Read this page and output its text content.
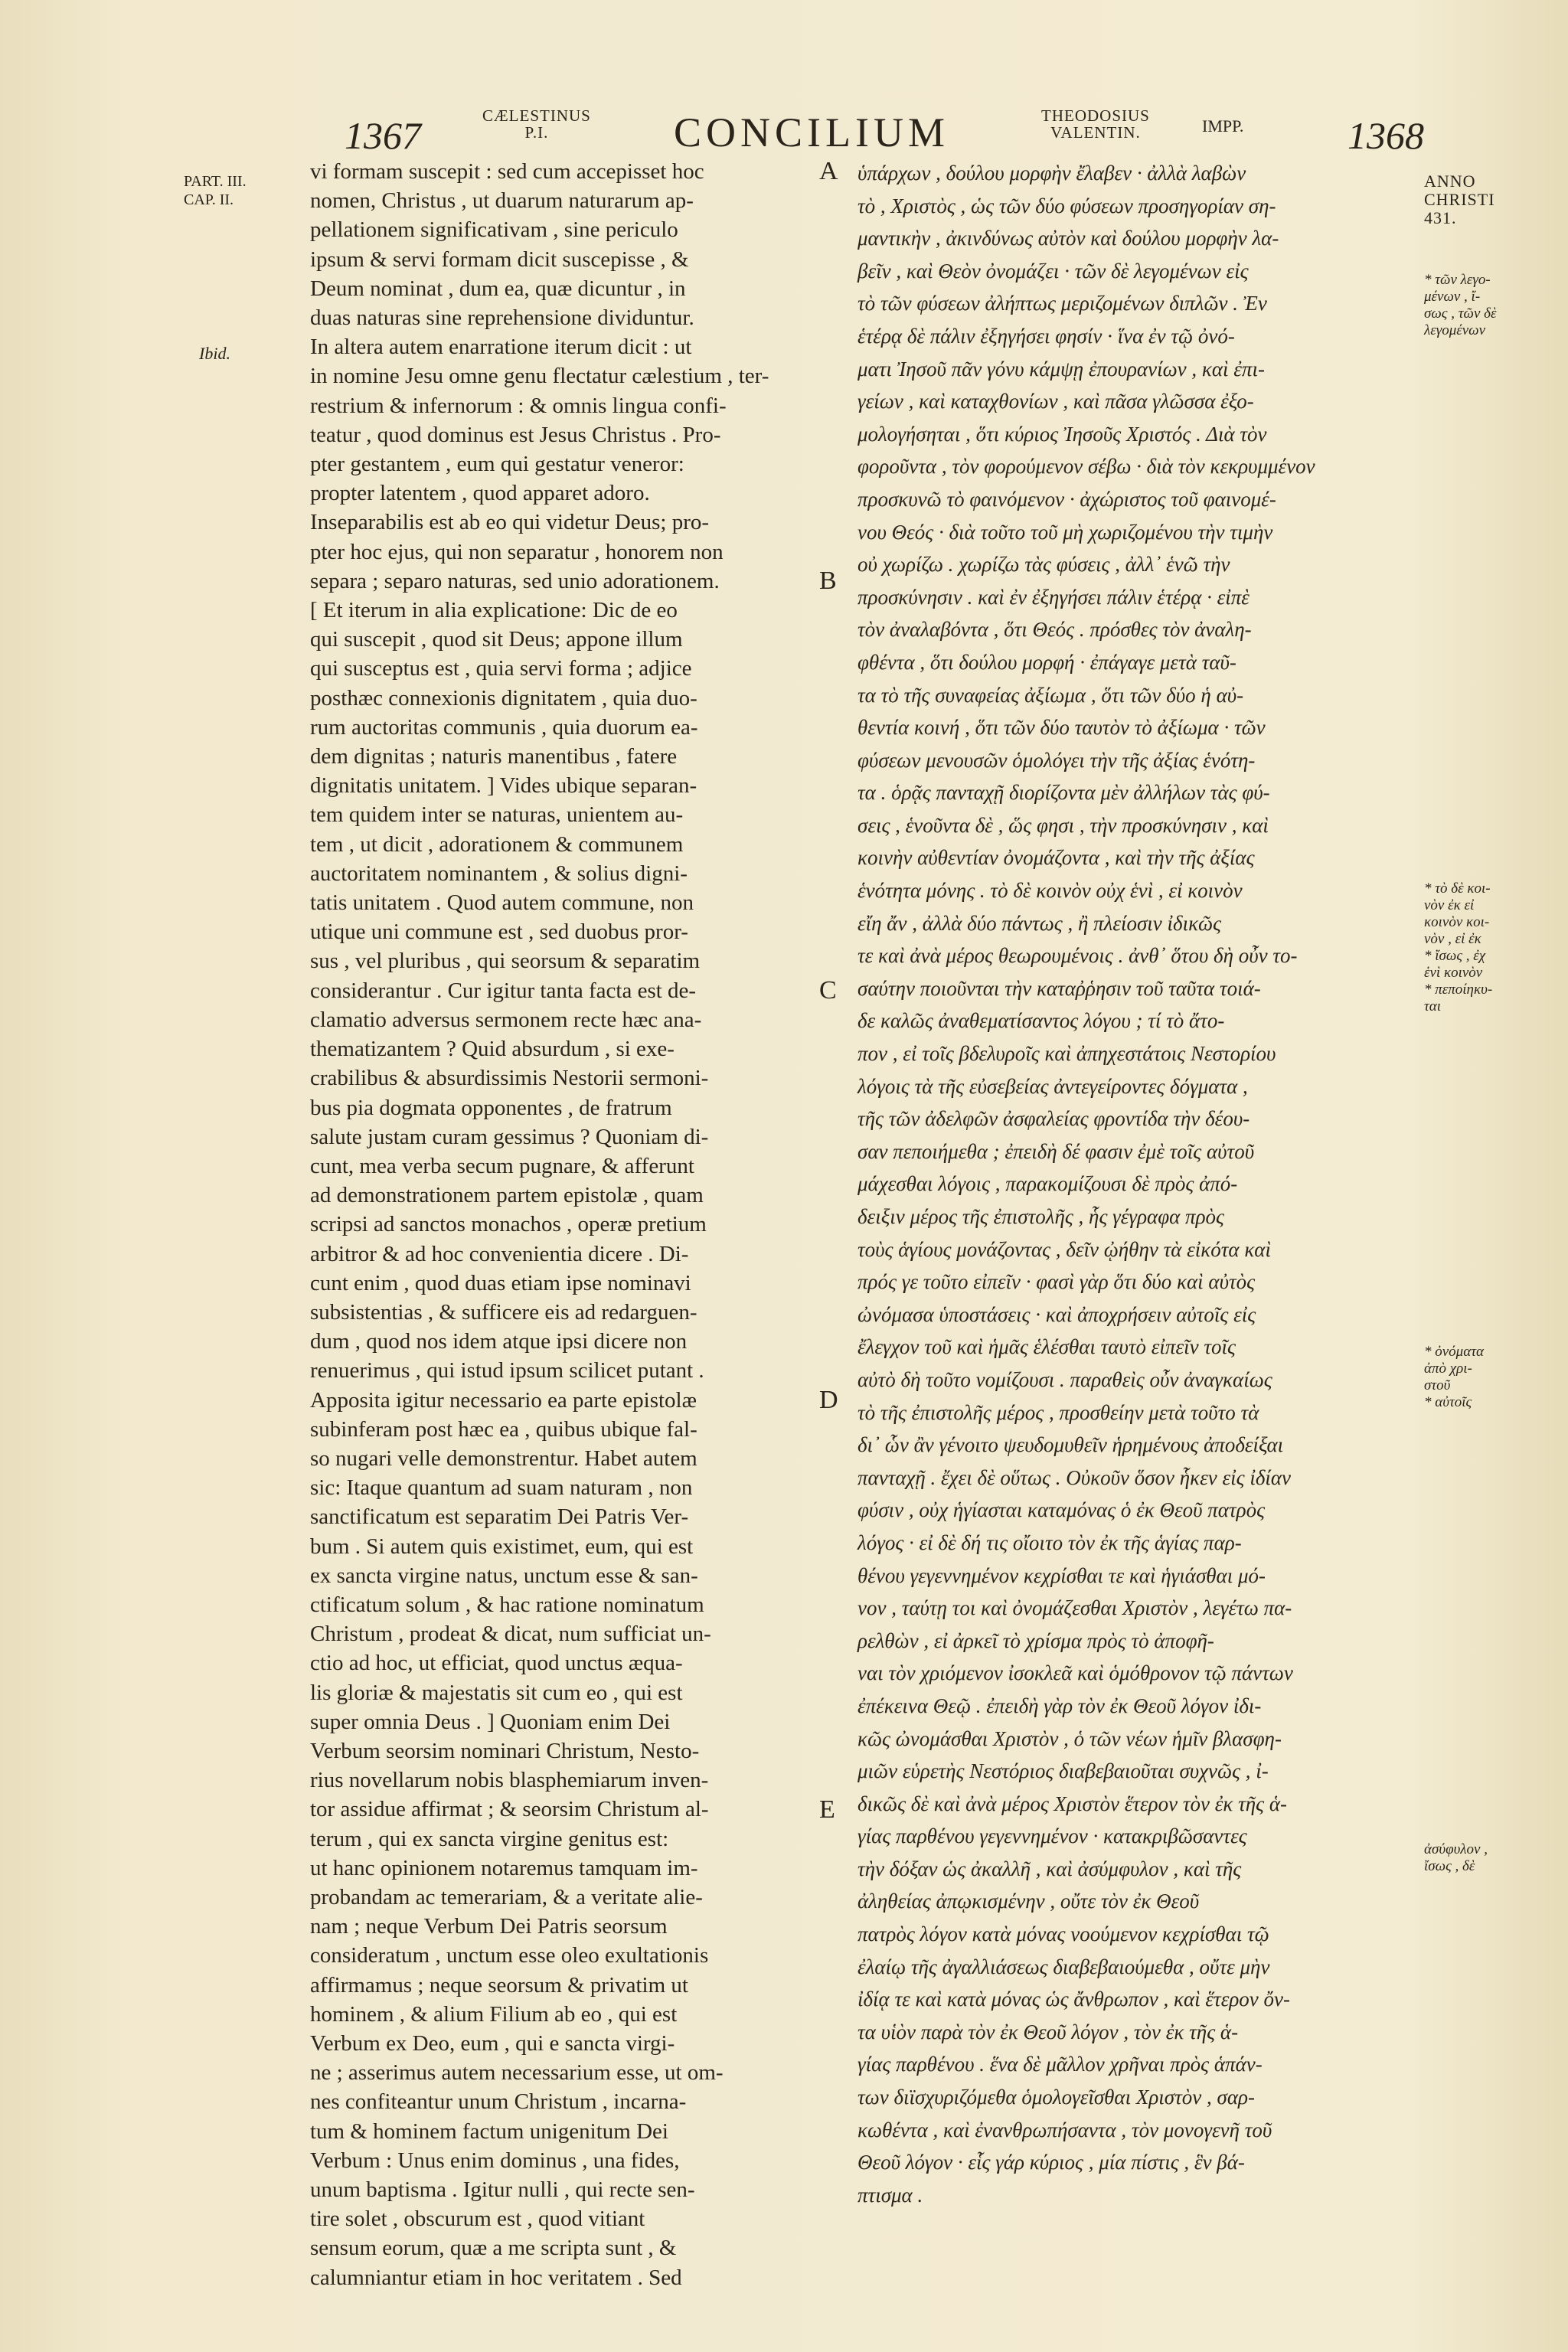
1367	CÆLESTINUS
P.I.	CONCILIUM	THEODOSIUS
VALENTIN.	IMPP.	1368
PART. III.
CAP. II.
Ibid.
vi formam suscepit : sed cum accepisset hoc
nomen, Christus , ut duarum naturarum ap-
pellationem significativam , sine periculo
ipsum & servi formam dicit suscepisse , &
Deum nominat , dum ea, quæ dicuntur , in
duas naturas sine reprehensione dividuntur.
In altera autem enarratione iterum dicit : ut
in nomine Jesu omne genu flectatur cælestium , ter-
restrium & infernorum : & omnis lingua confi-
teatur , quod dominus est Jesus Christus . Pro-
pter gestantem , eum qui gestatur veneror:
propter latentem , quod apparet adoro.
Inseparabilis est ab eo qui videtur Deus; pro-
pter hoc ejus, qui non separatur , honorem non
separa ; separo naturas, sed unio adorationem.
[ Et iterum in alia explicatione: Dic de eo
qui suscepit , quod sit Deus; appone illum
qui susceptus est , quia servi forma ; adjice
posthæc connexionis dignitatem , quia duo-
rum auctoritas communis , quia duorum ea-
dem dignitas ; naturis manentibus , fatere
dignitatis unitatem. ] Vides ubique separan-
tem quidem inter se naturas, unientem au-
tem , ut dicit , adorationem & communem
auctoritatem nominantem , & solius digni-
tatis unitatem . Quod autem commune, non
utique uni commune est , sed duobus pror-
sus , vel pluribus , qui seorsum & separatim
considerantur . Cur igitur tanta facta est de-
clamatio adversus sermonem recte hæc ana-
thematizantem ? Quid absurdum , si exe-
crabilibus & absurdissimis Nestorii sermoni-
bus pia dogmata opponentes , de fratrum
salute justam curam gessimus ? Quoniam di-
cunt, mea verba secum pugnare, & afferunt
ad demonstrationem partem epistolæ , quam
scripsi ad sanctos monachos , operæ pretium
arbitror & ad hoc convenientia dicere . Di-
cunt enim , quod duas etiam ipse nominavi
subsistentias , & sufficere eis ad redarguen-
dum , quod nos idem atque ipsi dicere non
renuerimus , qui istud ipsum scilicet putant .
Apposita igitur necessario ea parte epistolæ
subinferam post hæc ea , quibus ubique fal-
so nugari velle demonstrentur. Habet autem
sic: Itaque quantum ad suam naturam , non
sanctificatum est separatim Dei Patris Ver-
bum . Si autem quis existimet, eum, qui est
ex sancta virgine natus, unctum esse & san-
ctificatum solum , & hac ratione nominatum
Christum , prodeat & dicat, num sufficiat un-
ctio ad hoc, ut efficiat, quod unctus æqua-
lis gloriæ & majestatis sit cum eo , qui est
super omnia Deus . ] Quoniam enim Dei
Verbum seorsim nominari Christum, Nesto-
rius novellarum nobis blasphemiarum inven-
tor assidue affirmat ; & seorsim Christum al-
terum , qui ex sancta virgine genitus est:
ut hanc opinionem notaremus tamquam im-
probandam ac temerariam, & a veritate alie-
nam ; neque Verbum Dei Patris seorsum
consideratum , unctum esse oleo exultationis
affirmamus ; neque seorsum & privatim ut
hominem , & alium Filium ab eo , qui est
Verbum ex Deo, eum , qui e sancta virgi-
ne ; asserimus autem necessarium esse, ut om-
nes confiteantur unum Christum , incarna-
tum & hominem factum unigenitum Dei
Verbum : Unus enim dominus , una fides,
unum baptisma . Igitur nulli , qui recte sen-
tire solet , obscurum est , quod vitiant
sensum eorum, quæ a me scripta sunt , &
calumniantur etiam in hoc veritatem . Sed
A
B
C
D
E
ὑπάρχων , δούλου μορφὴν ἔλαβεν · ἀλλὰ λαβὼν
τὸ , Χριστὸς , ὡς τῶν δύο φύσεων προσηγορίαν ση-
μαντικὴν , ἀκινδύνως αὐτὸν καὶ δούλου μορφὴν λα-
βεῖν , καὶ Θεὸν ὀνομάζει · τῶν δὲ λεγομένων εἰς
τὸ τῶν φύσεων ἀλήπτως μεριζομένων διπλῶν . Ἐν
ἑτέρᾳ δὲ πάλιν ἐξηγήσει φησίν · ἵνα ἐν τῷ ὀνό-
ματι Ἰησοῦ πᾶν γόνυ κάμψῃ ἐπουρανίων , καὶ ἐπι-
γείων , καὶ καταχθονίων , καὶ πᾶσα γλῶσσα ἐξο-
μολογήσηται , ὅτι κύριος Ἰησοῦς Χριστός . Διὰ τὸν
φοροῦντα , τὸν φορούμενον σέβω · διὰ τὸν κεκρυμμένον
προσκυνῶ τὸ φαινόμενον · ἀχώριστος τοῦ φαινομέ-
νου Θεός · διὰ τοῦτο τοῦ μὴ χωριζομένου τὴν τιμὴν
οὐ χωρίζω . χωρίζω τὰς φύσεις , ἀλλ᾽ ἑνῶ τὴν
προσκύνησιν . καὶ ἐν ἐξηγήσει πάλιν ἑτέρᾳ · εἰπὲ
τὸν ἀναλαβόντα , ὅτι Θεός . πρόσθες τὸν ἀναλη-
φθέντα , ὅτι δούλου μορφή · ἐπάγαγε μετὰ ταῦ-
τα τὸ τῆς συναφείας ἀξίωμα , ὅτι τῶν δύο ἡ αὐ-
θεντία κοινή , ὅτι τῶν δύο ταυτὸν τὸ ἀξίωμα · τῶν
φύσεων μενουσῶν ὁμολόγει τὴν τῆς ἀξίας ἑνότη-
τα . ὁρᾷς πανταχῇ διορίζοντα μὲν ἀλλήλων τὰς φύ-
σεις , ἑνοῦντα δὲ , ὥς φησι , τὴν προσκύνησιν , καὶ
κοινὴν αὐθεντίαν ὀνομάζοντα , καὶ τὴν τῆς ἀξίας
ἑνότητα μόνης . τὸ δὲ κοινὸν οὐχ ἑνὶ , εἰ κοινὸν
εἴη ἄν , ἀλλὰ δύο πάντως , ἢ πλείοσιν ἰδικῶς
τε καὶ ἀνὰ μέρος θεωρουμένοις . ἀνθ᾽ ὅτου δὴ οὖν το-
σαύτην ποιοῦνται τὴν καταῤῥησιν τοῦ ταῦτα τοιά-
δε καλῶς ἀναθεματίσαντος λόγου ; τί τὸ ἄτο-
πον , εἰ τοῖς βδελυροῖς καὶ ἀπηχεστάτοις Νεστορίου
λόγοις τὰ τῆς εὐσεβείας ἀντεγείροντες δόγματα ,
τῆς τῶν ἀδελφῶν ἀσφαλείας φροντίδα τὴν δέου-
σαν πεποιήμεθα ; ἐπειδὴ δέ φασιν ἐμὲ τοῖς αὐτοῦ
μάχεσθαι λόγοις , παρακομίζουσι δὲ πρὸς ἀπό-
δειξιν μέρος τῆς ἐπιστολῆς , ἧς γέγραφα πρὸς
τοὺς ἁγίους μονάζοντας , δεῖν ᾠήθην τὰ εἰκότα καὶ
πρός γε τοῦτο εἰπεῖν · φασὶ γὰρ ὅτι δύο καὶ αὐτὸς
ὠνόμασα ὑποστάσεις · καὶ ἀποχρήσειν αὐτοῖς εἰς
ἔλεγχον τοῦ καὶ ἡμᾶς ἑλέσθαι ταυτὸ εἰπεῖν τοῖς
αὐτὸ δὴ τοῦτο νομίζουσι . παραθεὶς οὖν ἀναγκαίως
τὸ τῆς ἐπιστολῆς μέρος , προσθείην μετὰ τοῦτο τὰ
δι᾽ ὧν ἂν γένοιτο ψευδομυθεῖν ἡρημένους ἀποδείξαι
πανταχῇ . ἔχει δὲ οὕτως . Οὐκοῦν ὅσον ἧκεν εἰς ἰδίαν
φύσιν , οὐχ ἡγίασται καταμόνας ὁ ἐκ Θεοῦ πατρὸς
λόγος · εἰ δὲ δή τις οἴοιτο τὸν ἐκ τῆς ἁγίας παρ-
θένου γεγεννημένον κεχρίσθαι τε καὶ ἡγιάσθαι μό-
νον , ταύτῃ τοι καὶ ὀνομάζεσθαι Χριστὸν , λεγέτω πα-
ρελθὼν , εἰ ἀρκεῖ τὸ χρίσμα πρὸς τὸ ἀποφῆ-
ναι τὸν χριόμενον ἰσοκλεᾶ καὶ ὁμόθρονον τῷ πάντων
ἐπέκεινα Θεῷ . ἐπειδὴ γὰρ τὸν ἐκ Θεοῦ λόγον ἰδι-
κῶς ὠνομάσθαι Χριστὸν , ὁ τῶν νέων ἡμῖν βλασφη-
μιῶν εὑρετὴς Νεστόριος διαβεβαιοῦται συχνῶς , ἰ-
δικῶς δὲ καὶ ἀνὰ μέρος Χριστὸν ἕτερον τὸν ἐκ τῆς ἁ-
γίας παρθένου γεγεννημένον · κατακριβῶσαντες
τὴν δόξαν ὡς ἀκαλλῆ , καὶ ἀσύμφυλον , καὶ τῆς
ἀληθείας ἀπῳκισμένην , οὔτε τὸν ἐκ Θεοῦ
πατρὸς λόγον κατὰ μόνας νοούμενον κεχρίσθαι τῷ
ἐλαίῳ τῆς ἀγαλλιάσεως διαβεβαιούμεθα , οὔτε μὴν
ἰδίᾳ τε καὶ κατὰ μόνας ὡς ἄνθρωπον , καὶ ἕτερον ὄν-
τα υἱὸν παρὰ τὸν ἐκ Θεοῦ λόγον , τὸν ἐκ τῆς ἁ-
γίας παρθένου . ἕνα δὲ μᾶλλον χρῆναι πρὸς ἁπάν-
των διϊσχυριζόμεθα ὁμολογεῖσθαι Χριστὸν , σαρ-
κωθέντα , καὶ ἐνανθρωπήσαντα , τὸν μονογενῆ τοῦ
Θεοῦ λόγον · εἷς γάρ κύριος , μία πίστις , ἓν βά-
πτισμα .
ANNO
CHRISTI
431.
* τῶν λεγο-
μένων , ἴ-
σως , τῶν δὲ
λεγομένων
* τὸ δὲ κοι-
νὸν ἐκ εἰ
κοινὸν κοι-
νὸν , εἰ ἐκ
* ἴσως , ἐχ
ἑνὶ κοινὸν
* πεποίηκυ-
ται
* ὀνόματα
ἀπὸ χρι-
στοῦ
* αὐτοῖς
ἀσύφυλον ,
ἴσως , δὲ
